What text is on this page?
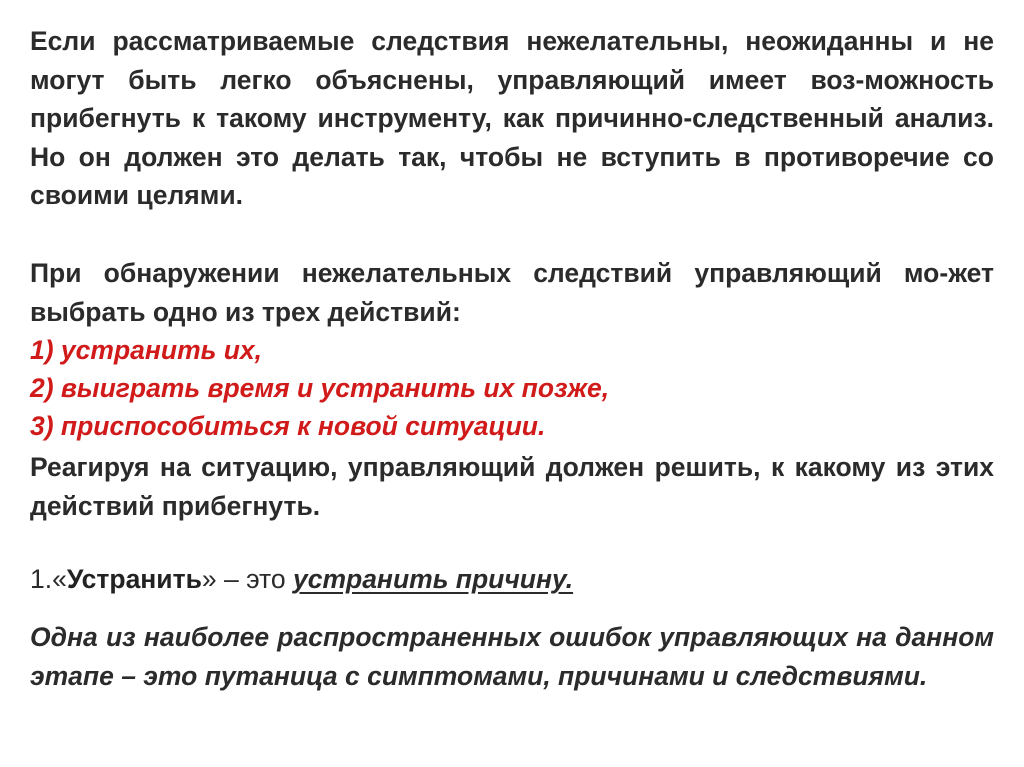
Если рассматриваемые следствия нежелательны, неожиданны и не могут быть легко объяснены, управляющий имеет воз-можность прибегнуть к такому инструменту, как причинно-следственный анализ. Но он должен это делать так, чтобы не вступить в противоречие со своими целями.

При обнаружении нежелательных следствий управляющий мо-жет выбрать одно из трех действий:

1) устранить их,

2) выиграть время и устранить их позже,

3) приспособиться к новой ситуации.

Реагируя на ситуацию, управляющий должен решить, к какому из этих действий прибегнуть.

1.«Устранить» – это устранить причину.

Одна из наиболее распространенных ошибок управляющих на данном этапе – это путаница с симптомами, причинами и следствиями.
